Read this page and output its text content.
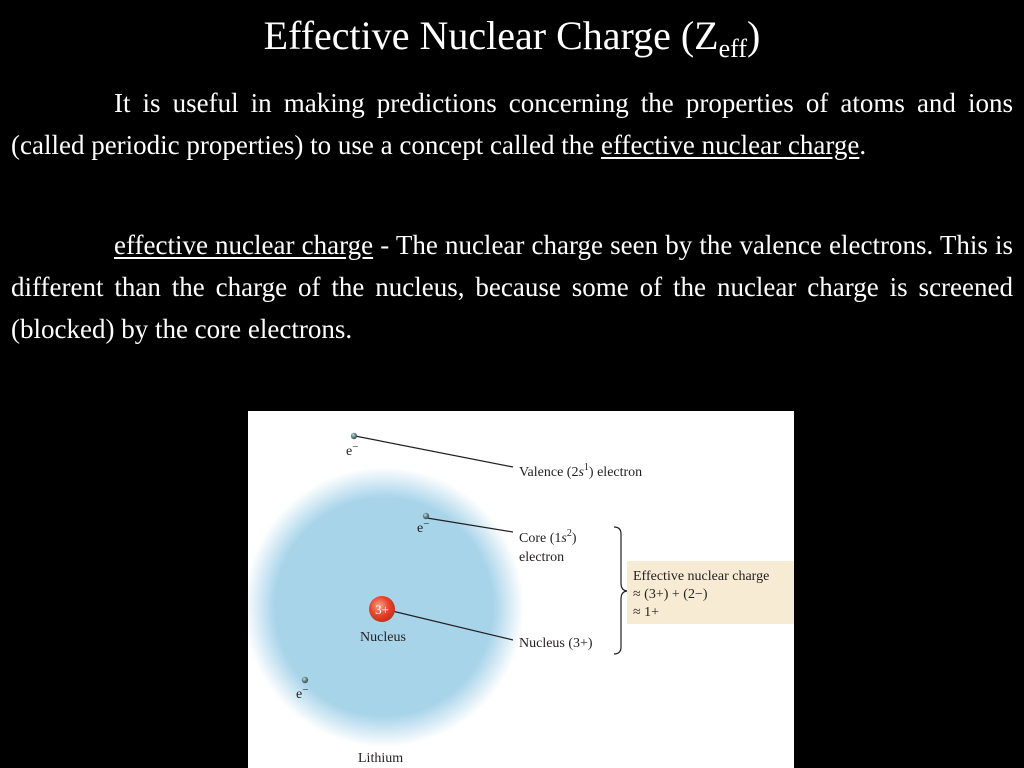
Effective Nuclear Charge $(Z_{eff})$

It is useful in making predictions concerning the properties of atoms and ions (called periodic properties) to use a concept called the effective nuclear charge.

effective nuclear charge - The nuclear charge seen by the valence electrons. This is different than the charge of the nucleus, because some of the nuclear charge is screened (blocked) by the core electrons.

e−
e−
e−
3+
Nucleus
Valence $(2s^1)$ electron
Core $(1s^2)$
electron
Nucleus (3+)
Effective nuclear charge
≈ (3+) + (2−)
≈ 1+
Lithium
